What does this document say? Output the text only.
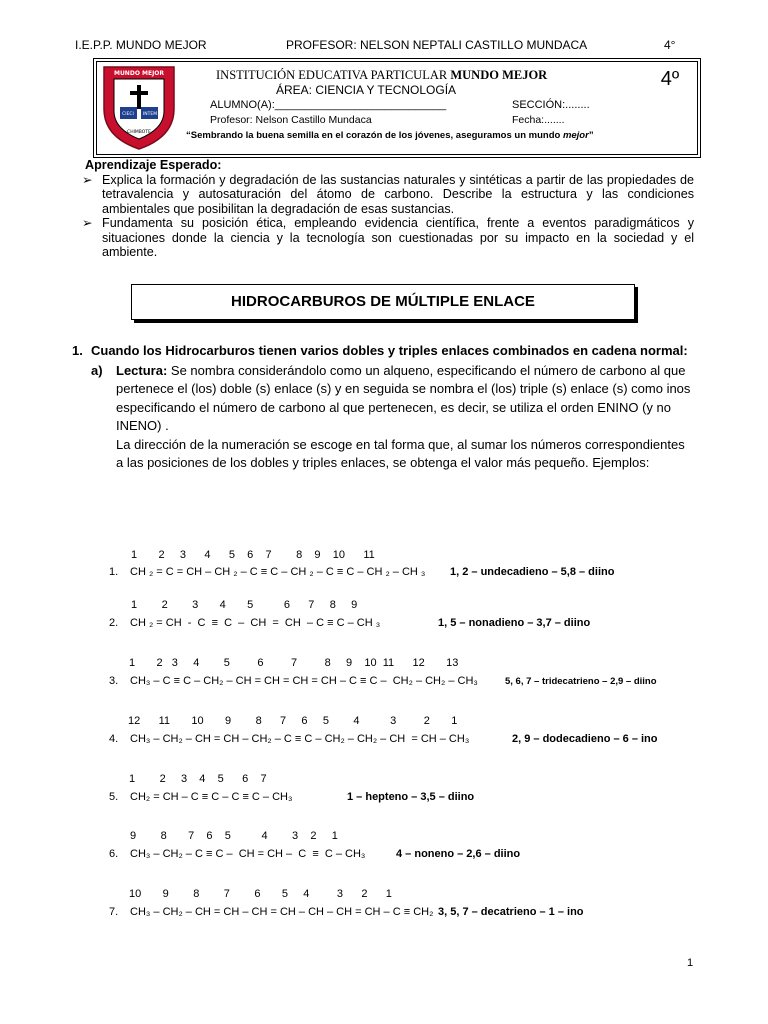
I.E.P.P. MUNDO MEJOR	PROFESOR: NELSON NEPTALI CASTILLO MUNDACA	4°
MUNDO MEJOR
CIECI INTEM
CHIMBOTE
INSTITUCIÓN EDUCATIVA PARTICULAR MUNDO MEJOR
ÁREA: CIENCIA Y TECNOLOGÍA
ALUMNO(A):____________________________	SECCIÓN:........
Profesor: Nelson Castillo Mundaca	Fecha:.......
“Sembrando la buena semilla en el corazón de los jóvenes, aseguramos un mundo mejor”
4º
Aprendizaje Esperado:
➢ Explica la formación y degradación de las sustancias naturales y sintéticas a partir de las propiedades de tetravalencia y autosaturación del átomo de carbono. Describe la estructura y las condiciones ambientales que posibilitan la degradación de esas sustancias.
➢ Fundamenta su posición ética, empleando evidencia científica, frente a eventos paradigmáticos y situaciones donde la ciencia y la tecnología son cuestionadas por su impacto en la sociedad y el ambiente.
HIDROCARBUROS DE MÚLTIPLE ENLACE
1. Cuando los Hidrocarburos tienen varios dobles y triples enlaces combinados en cadena normal:
a) Lectura: Se nombra considerándolo como un alqueno, especificando el número de carbono al que pertenece el (los) doble (s) enlace (s) y en seguida se nombra el (los) triple (s) enlace (s) como inos especificando el número de carbono al que pertenecen, es decir, se utiliza el orden ENINO (y no INENO) .
La dirección de la numeración se escoge en tal forma que, al sumar los números correspondientes a las posiciones de los dobles y triples enlaces, se obtenga el valor más pequeño. Ejemplos:
1       2     3      4      5    6    7        8    9    10      11
1. CH ₂ = C = CH – CH ₂ – C ≡ C – CH ₂ – C ≡ C – CH ₂ – CH ₃ 1, 2 – undecadieno – 5,8 – diino
1        2        3       4       5          6      7     8     9
2. CH ₂ = CH  -  C  ≡  C  –  CH  =  CH  – C ≡ C – CH ₃	1, 5 – nonadieno – 3,7 – diino
1       2   3     4        5         6         7         8     9    10  11      12       13
3. CH₃ – C ≡ C – CH₂ – CH = CH = CH = CH – C ≡ C –  CH₂ – CH₂ – CH₃	5, 6, 7 – tridecatrieno – 2,9 – diino
12      11       10       9        8      7     6     5        4          3         2       1
4. CH₃ – CH₂ – CH = CH – CH₂ – C ≡ C – CH₂ – CH₂ – CH  = CH – CH₃	2, 9 – dodecadieno – 6 – ino
1        2     3    4    5      6    7
5. CH₂ = CH – C ≡ C – C ≡ C – CH₃	1 – hepteno – 3,5 – diino
9        8       7    6    5          4        3    2     1
6. CH₃ – CH₂ – C ≡ C –  CH = CH –  C  ≡  C – CH₃	4 – noneno – 2,6 – diino
10       9        8        7        6       5     4         3      2      1
7. CH₃ – CH₂ – CH = CH – CH = CH – CH – CH = CH – C ≡ CH₂ 3, 5, 7 – decatrieno – 1 – ino
1
